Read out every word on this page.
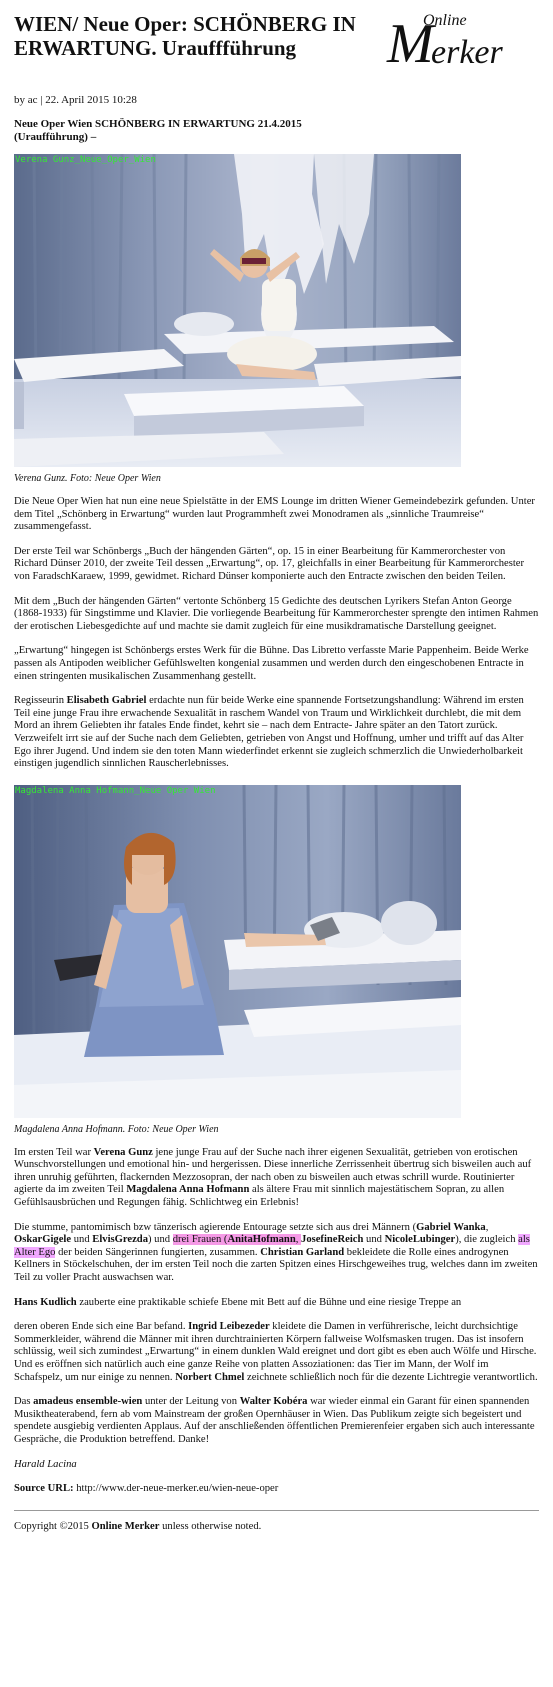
WIEN/ Neue Oper: SCHÖNBERG IN ERWARTUNG. Urauffführung
Online
M
erker
by ac | 22. April 2015 10:28
Neue Oper Wien SCHÖNBERG IN ERWARTUNG 21.4.2015
(Uraufführung) –
Verena Gunz_Neue_Oper_Wien
Verena Gunz. Foto: Neue Oper Wien

Die Neue Oper Wien hat nun eine neue Spielstätte in der EMS Lounge im dritten Wiener Gemeindebezirk gefunden. Unter dem Titel „Schönberg in Erwartung“ wurden laut Programmheft zwei Monodramen als „sinnliche Traumreise“ zusammengefasst.

Der erste Teil war Schönbergs „Buch der hängenden Gärten“, op. 15 in einer Bearbeitung für Kammerorchester von Richard Dünser 2010, der zweite Teil dessen „Erwartung“, op. 17, gleichfalls in einer Bearbeitung für Kammerorchester von FaradschKaraew, 1999, gewidmet. Richard Dünser komponierte auch den Entracte zwischen den beiden Teilen.

Mit dem „Buch der hängenden Gärten“ vertonte Schönberg 15 Gedichte des deutschen Lyrikers Stefan Anton George (1868-1933) für Singstimme und Klavier. Die vorliegende Bearbeitung für Kammerorchester sprengte den intimen Rahmen der erotischen Liebesgedichte auf und machte sie damit zugleich für eine musikdramatische Darstellung geeignet.

„Erwartung“ hingegen ist Schönbergs erstes Werk für die Bühne. Das Libretto verfasste Marie Pappenheim. Beide Werke passen als Antipoden weiblicher Gefühlswelten kongenial zusammen und werden durch den eingeschobenen Entracte in einen stringenten musikalischen Zusammenhang gestellt.

Regisseurin Elisabeth Gabriel erdachte nun für beide Werke eine spannende Fortsetzungshandlung: Während im ersten Teil eine junge Frau ihre erwachende Sexualität in raschem Wandel von Traum und Wirklichkeit durchlebt, die mit dem Mord an ihrem Geliebten ihr fatales Ende findet, kehrt sie – nach dem Entracte- Jahre später an den Tatort zurück. Verzweifelt irrt sie auf der Suche nach dem Geliebten, getrieben von Angst und Hoffnung, umher und trifft auf das Alter Ego ihrer Jugend. Und indem sie den toten Mann wiederfindet erkennt sie zugleich schmerzlich die Unwiederholbarkeit einstigen jugendlich sinnlichen Rauscherlebnisses.

Magdalena Anna Hofmann_Neue Oper Wien
Magdalena Anna Hofmann. Foto: Neue Oper Wien

Im ersten Teil war Verena Gunz jene junge Frau auf der Suche nach ihrer eigenen Sexualität, getrieben von erotischen Wunschvorstellungen und emotional hin- und hergerissen. Diese innerliche Zerrissenheit übertrug sich bisweilen auch auf ihren unruhig geführten, flackernden Mezzosopran, der nach oben zu bisweilen auch etwas schrill wurde. Routinierter agierte da im zweiten Teil Magdalena Anna Hofmann als ältere Frau mit sinnlich majestätischem Sopran, zu allen Gefühlsausbrüchen und Regungen fähig. Schlichtweg ein Erlebnis!

Die stumme, pantomimisch bzw tänzerisch agierende Entourage setzte sich aus drei Männern (Gabriel Wanka, OskarGigele und ElvisGrezda) und drei Frauen (AnitaHofmann, JosefineReich und NicoleLubinger), die zugleich als Alter Ego der beiden Sängerinnen fungierten, zusammen. Christian Garland bekleidete die Rolle eines androgynen Kellners in Stöckelschuhen, der im ersten Teil noch die zarten Spitzen eines Hirschgeweihes trug, welches dann im zweiten Teil zu voller Pracht auswachsen war.

Hans Kudlich zauberte eine praktikable schiefe Ebene mit Bett auf die Bühne und eine riesige Treppe an

deren oberen Ende sich eine Bar befand. Ingrid Leibezeder kleidete die Damen in verführerische, leicht durchsichtige Sommerkleider, während die Männer mit ihren durchtrainierten Körpern fallweise Wolfsmasken trugen. Das ist insofern schlüssig, weil sich zumindest „Erwartung“ in einem dunklen Wald ereignet und dort gibt es eben auch Wölfe und Hirsche. Und es eröffnen sich natürlich auch eine ganze Reihe von platten Assoziationen: das Tier im Mann, der Wolf im Schafspelz, um nur einige zu nennen. Norbert Chmel zeichnete schließlich noch für die dezente Lichtregie verantwortlich.

Das amadeus ensemble-wien unter der Leitung von Walter Kobéra war wieder einmal ein Garant für einen spannenden Musiktheaterabend, fern ab vom Mainstream der großen Opernhäuser in Wien. Das Publikum zeigte sich begeistert und spendete ausgiebig verdienten Applaus. Auf der anschließenden öffentlichen Premierenfeier ergaben sich auch interessante Gespräche, die Produktion betreffend. Danke!

Harald Lacina

Source URL: http://www.der-neue-merker.eu/wien-neue-oper

Copyright ©2015 Online Merker unless otherwise noted.
